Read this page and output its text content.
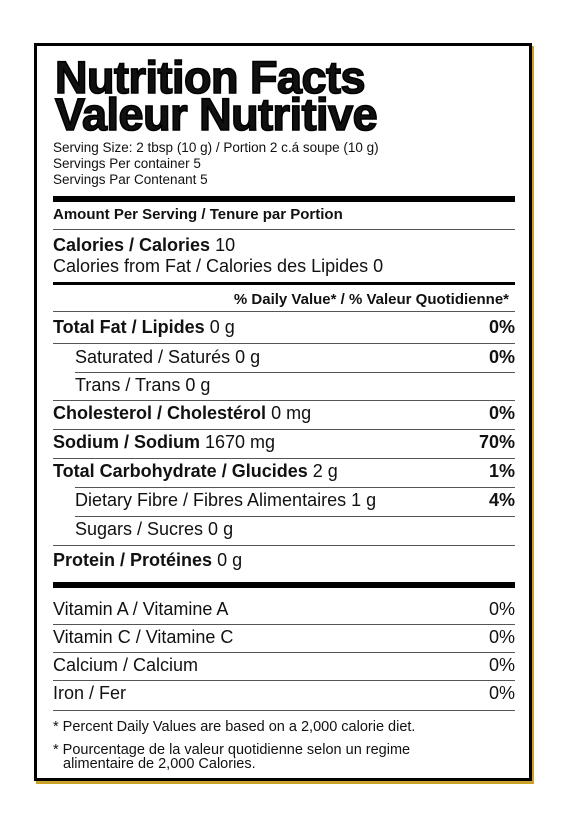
Nutrition Facts
Valeur Nutritive
Serving Size: 2 tbsp (10 g) / Portion 2 c.á soupe (10 g)
Servings Per container 5
Servings Par Contenant 5
Amount Per Serving / Tenure par Portion
Calories / Calories 10
Calories from Fat / Calories des Lipides 0
% Daily Value* / % Valeur Quotidienne*
Total Fat / Lipides 0 g	0%
Saturated / Saturés 0 g	0%
Trans / Trans 0 g
Cholesterol / Cholestérol 0 mg	0%
Sodium / Sodium 1670 mg	70%
Total Carbohydrate / Glucides 2 g	1%
Dietary Fibre / Fibres Alimentaires 1 g	4%
Sugars / Sucres 0 g
Protein / Protéines 0 g
Vitamin A / Vitamine A	0%
Vitamin C / Vitamine C	0%
Calcium / Calcium	0%
Iron / Fer	0%
* Percent Daily Values are based on a 2,000 calorie diet.
* Pourcentage de la valeur quotidienne selon un regime
alimentaire de 2,000 Calories.
